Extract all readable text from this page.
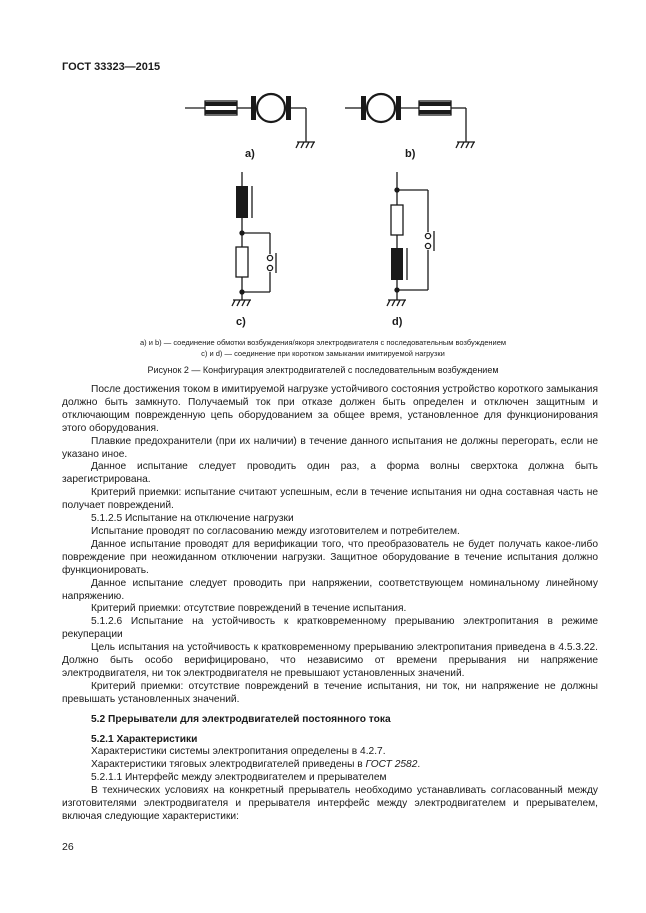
ГОСТ 33323—2015
a)	b)
c)	d)
а) и b) — соединение обмотки возбуждения/якоря электродвигателя с последовательным возбуждением
c) и d) — соединение при коротком замыкании имитируемой нагрузки
Рисунок 2 — Конфигурация электродвигателей с последовательным возбуждением

После достижения током в имитируемой нагрузке устойчивого состояния устройство короткого замыкания должно быть замкнуто. Получаемый ток при отказе должен быть определен и отключен защитным и отключающим поврежденную цепь оборудованием за общее время, установленное для функционирования этого оборудования.

Плавкие предохранители (при их наличии) в течение данного испытания не должны перегорать, если не указано иное.

Данное испытание следует проводить один раз, а форма волны сверхтока должна быть зарегистрирована.

Критерий приемки: испытание считают успешным, если в течение испытания ни одна составная часть не получает повреждений.

5.1.2.5 Испытание на отключение нагрузки

Испытание проводят по согласованию между изготовителем и потребителем.

Данное испытание проводят для верификации того, что преобразователь не будет получать какое-либо повреждение при неожиданном отключении нагрузки. Защитное оборудование в течение испытания должно функционировать.

Данное испытание следует проводить при напряжении, соответствующем номинальному линейному напряжению.

Критерий приемки: отсутствие повреждений в течение испытания.

5.1.2.6 Испытание на устойчивость к кратковременному прерыванию электропитания в режиме рекуперации

Цель испытания на устойчивость к кратковременному прерыванию электропитания приведена в 4.5.3.22. Должно быть особо верифицировано, что независимо от времени прерывания ни напряжение электродвигателя, ни ток электродвигателя не превышают установленных значений.

Критерий приемки: отсутствие повреждений в течение испытания, ни ток, ни напряжение не должны превышать установленных значений.

5.2 Прерыватели для электродвигателей постоянного тока

5.2.1 Характеристики

Характеристики системы электропитания определены в 4.2.7.

Характеристики тяговых электродвигателей приведены в ГОСТ 2582.

5.2.1.1 Интерфейс между электродвигателем и прерывателем

В технических условиях на конкретный прерыватель необходимо устанавливать согласованный между изготовителями электродвигателя и прерывателя интерфейс между электродвигателем и прерывателем, включая следующие характеристики:

26
